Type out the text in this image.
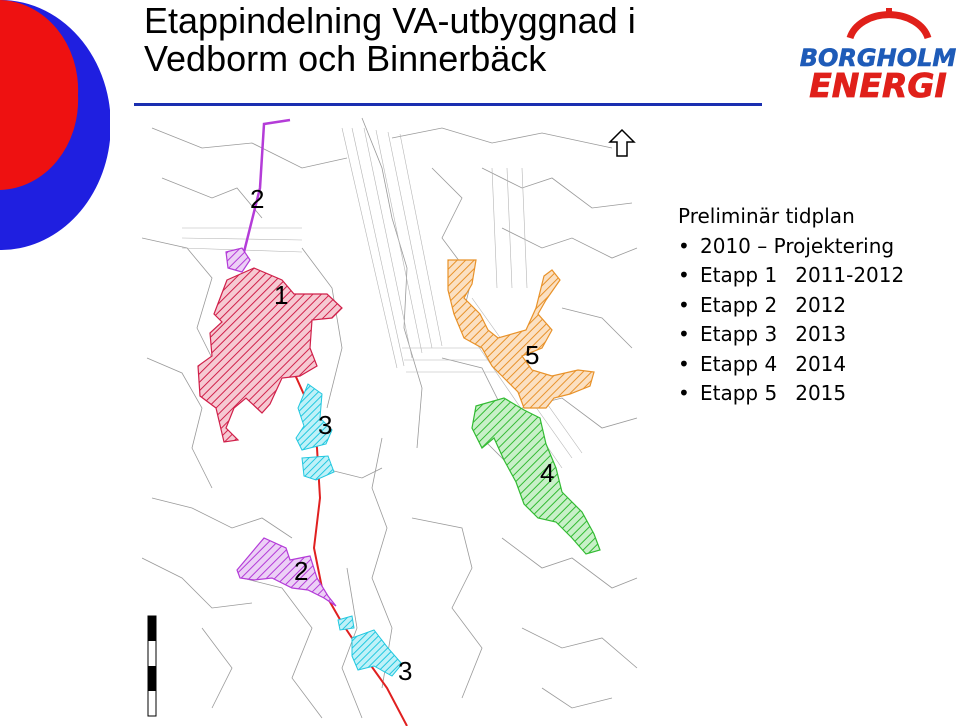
Etappindelning VA-utbyggnad i
Vedborm och Binnerbäck	BORGHOLM
ENERGI
2
1
3
5
4
2
3
Preliminär tidplan
• 2010 – Projektering
• Etapp 1 2011-2012
• Etapp 2 2012
• Etapp 3 2013
• Etapp 4 2014
• Etapp 5 2015
